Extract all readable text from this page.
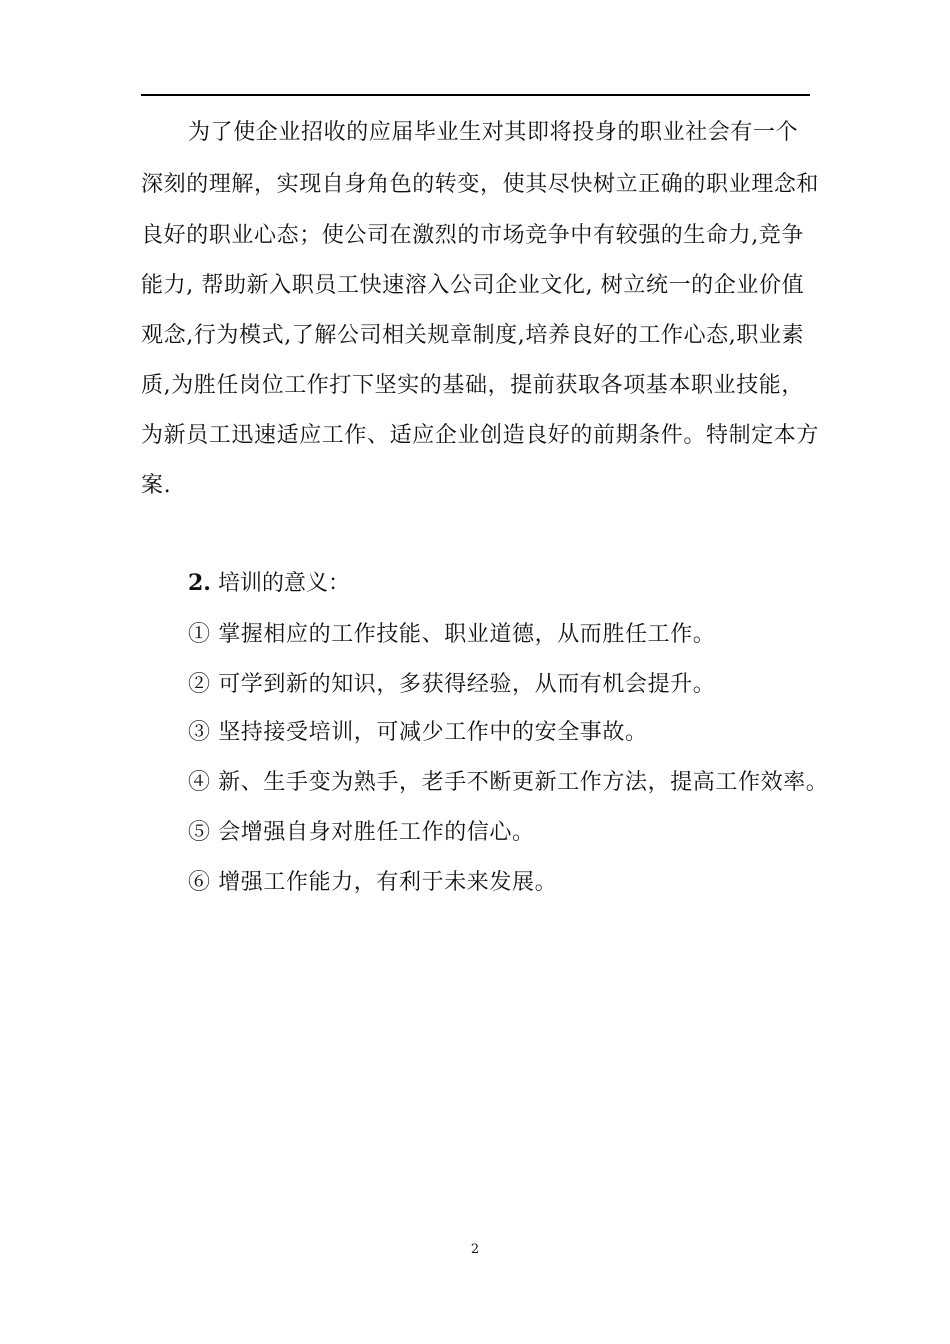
为了使企业招收的应届毕业生对其即将投身的职业社会有一个
深刻的理解，实现自身角色的转变，使其尽快树立正确的职业理念和
良好的职业心态；使公司在激烈的市场竞争中有较强的生命力,竞争
能力, 帮助新入职员工快速溶入公司企业文化, 树立统一的企业价值
观念,行为模式,了解公司相关规章制度,培养良好的工作心态,职业素
质,为胜任岗位工作打下坚实的基础，提前获取各项基本职业技能，
为新员工迅速适应工作、适应企业创造良好的前期条件。特制定本方
案.
2. 培训的意义：
① 掌握相应的工作技能、职业道德，从而胜任工作。
② 可学到新的知识，多获得经验，从而有机会提升。
③ 坚持接受培训，可减少工作中的安全事故。
④ 新、生手变为熟手，老手不断更新工作方法，提高工作效率。
⑤ 会增强自身对胜任工作的信心。
⑥ 增强工作能力，有利于未来发展。
2
